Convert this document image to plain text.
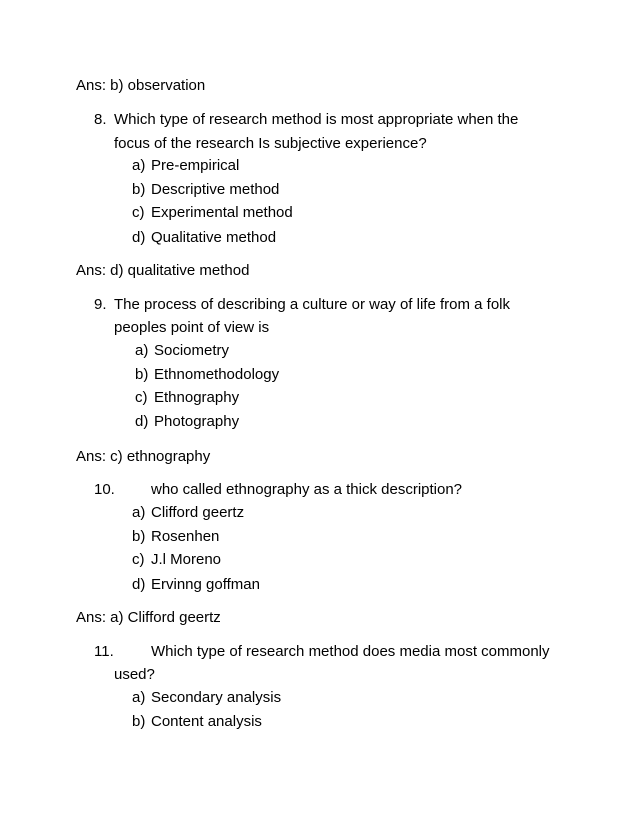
Ans: b) observation
8. Which type of research method is most appropriate when the
focus of the research Is subjective experience?
a) Pre-empirical
b) Descriptive method
c) Experimental method
d) Qualitative method
Ans: d) qualitative method
9. The process of describing a culture or way of life from a folk
peoples point of view is
a) Sociometry
b) Ethnomethodology
c) Ethnography
d) Photography
Ans: c) ethnography
10. who called ethnography as a thick description?
a) Clifford geertz
b) Rosenhen
c) J.l Moreno
d) Ervinng goffman
Ans: a) Clifford geertz
11. Which type of research method does media most commonly
used?
a) Secondary analysis
b) Content analysis
